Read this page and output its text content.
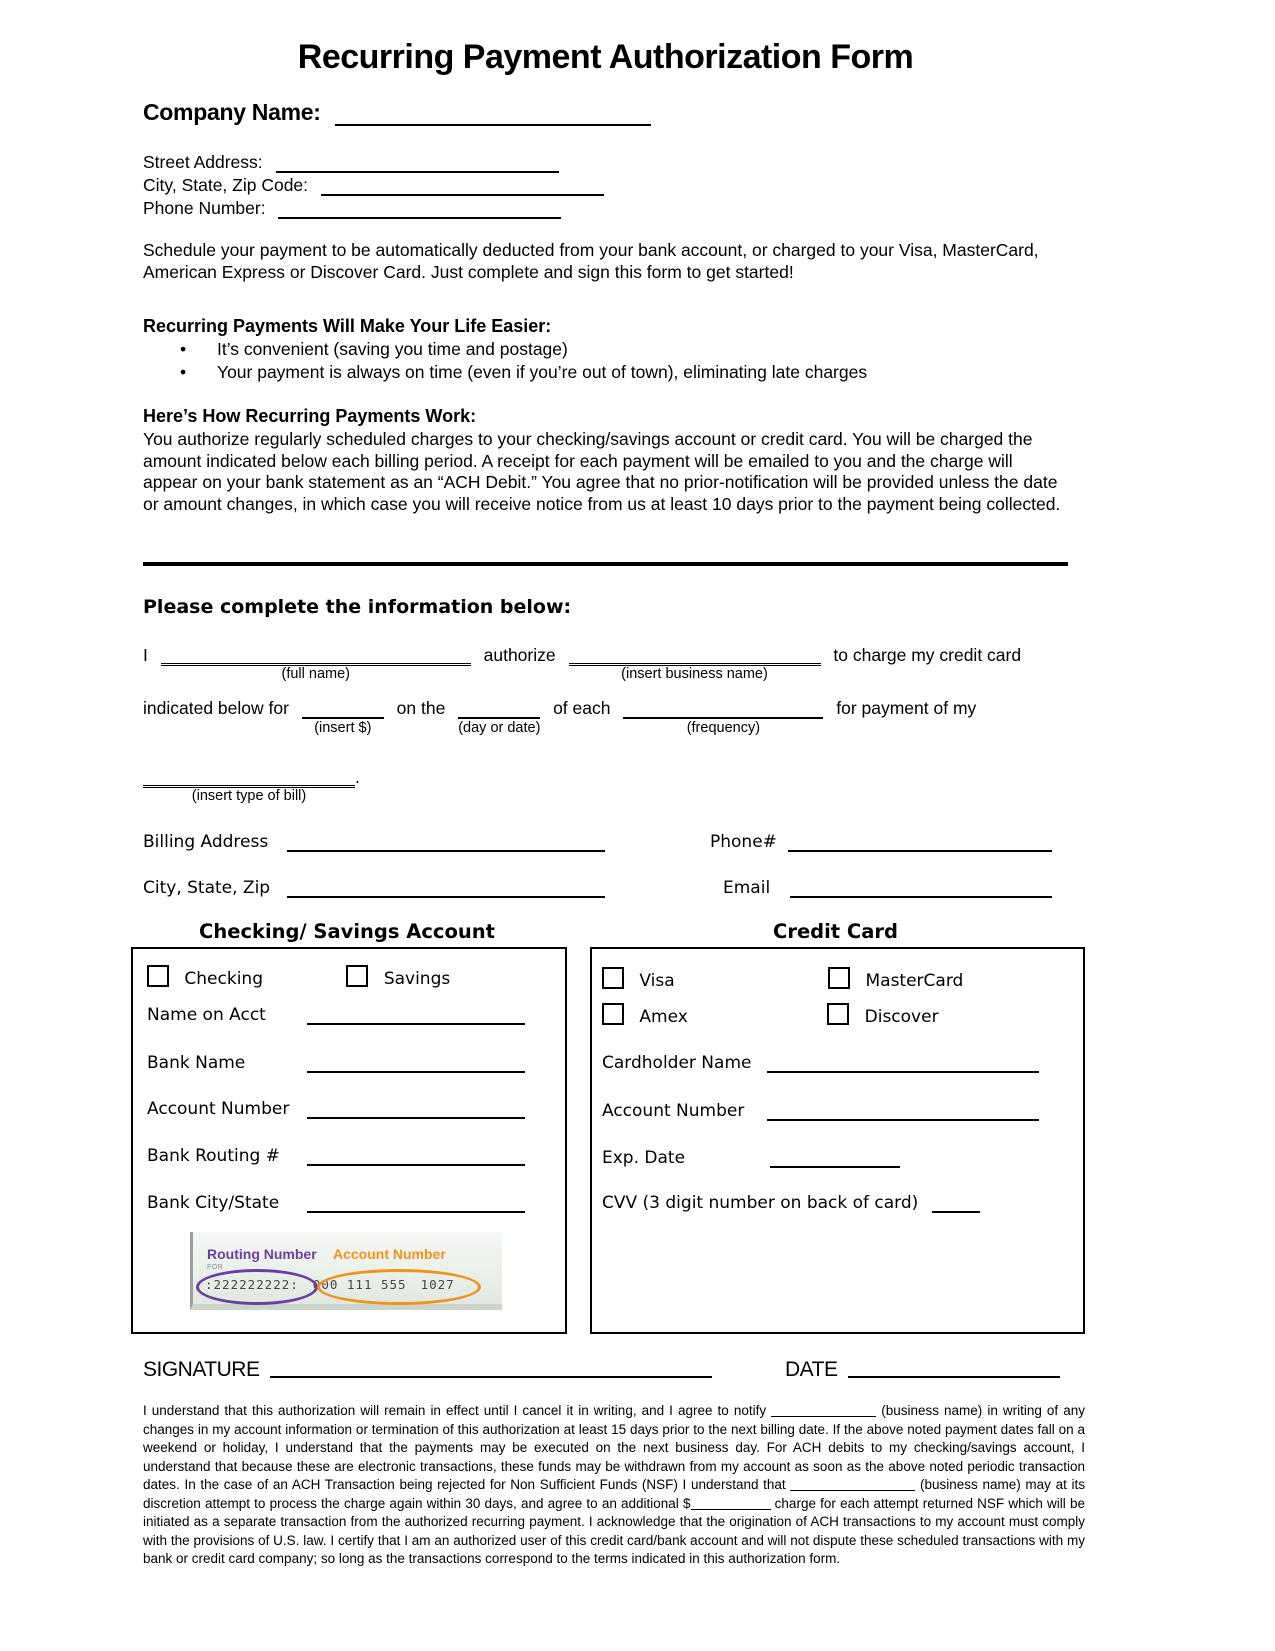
Recurring Payment Authorization Form
Company Name:
Street Address:
City, State, Zip Code:
Phone Number:
Schedule your payment to be automatically deducted from your bank account, or charged to your Visa, MasterCard, American Express or Discover Card. Just complete and sign this form to get started!
Recurring Payments Will Make Your Life Easier:
•	It’s convenient (saving you time and postage)
•	Your payment is always on time (even if you’re out of town), eliminating late charges
Here’s How Recurring Payments Work:
You authorize regularly scheduled charges to your checking/savings account or credit card. You will be charged the amount indicated below each billing period. A receipt for each payment will be emailed to you and the charge will appear on your bank statement as an “ACH Debit.” You agree that no prior-notification will be provided unless the date or amount changes, in which case you will receive notice from us at least 10 days prior to the payment being collected.
Please complete the information below:
I
(full name)
authorize
(insert business name)
to charge my credit card
indicated below for
(insert $)
on the
(day or date)
of each
(frequency)
for payment of my
(insert type of bill)
.
Billing Address	Phone#
City, State, Zip	Email
Checking/ Savings Account	Credit Card
Checking	Savings
Name on Acct
Bank Name
Account Number
Bank Routing #
Bank City/State
Routing Number Account Number
FOR
:222222222: 000 111 555 1027
Visa	MasterCard
Amex	Discover
Cardholder Name
Account Number
Exp. Date
CVV (3 digit number on back of card)
SIGNATURE	DATE
I understand that this authorization will remain in effect until I cancel it in writing, and I agree to notify	(business name) in writing of any changes in my account information or termination of this authorization at least 15 days prior to the next billing date. If the above noted payment dates fall on a weekend or holiday, I understand that the payments may be executed on the next business day. For ACH debits to my checking/savings account, I understand that because these are electronic transactions, these funds may be withdrawn from my account as soon as the above noted periodic transaction dates. In the case of an ACH Transaction being rejected for Non Sufficient Funds (NSF) I understand that	(business name) may at its discretion attempt to process the charge again within 30 days, and agree to an additional $	charge for each attempt returned NSF which will be initiated as a separate transaction from the authorized recurring payment. I acknowledge that the origination of ACH transactions to my account must comply with the provisions of U.S. law. I certify that I am an authorized user of this credit card/bank account and will not dispute these scheduled transactions with my bank or credit card company; so long as the transactions correspond to the terms indicated in this authorization form.
